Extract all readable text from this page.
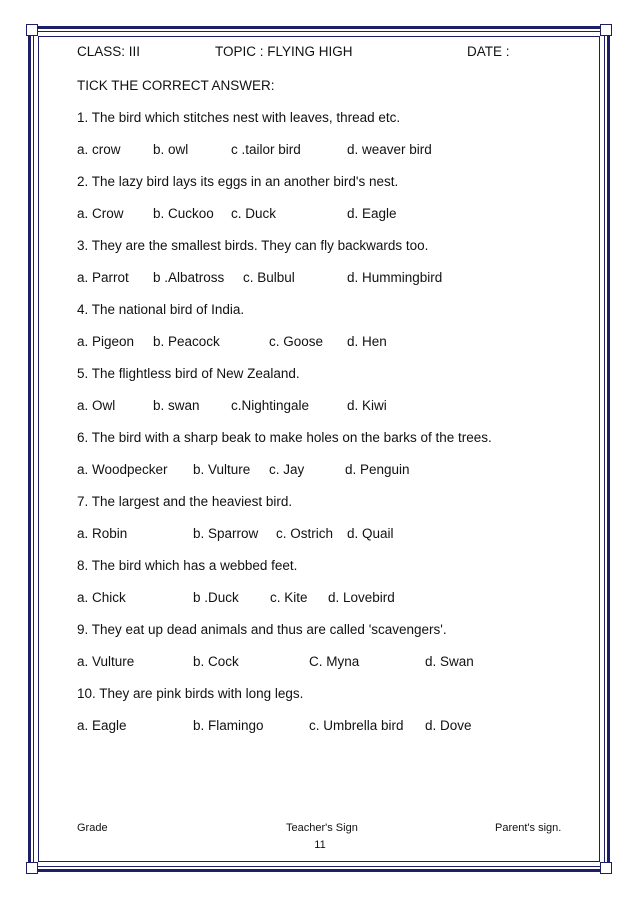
CLASS: III	TOPIC : FLYING HIGH	DATE :
TICK THE CORRECT ANSWER:
1. The bird which stitches nest with leaves, thread etc.
a. crow b. owl	c .tailor bird	d. weaver bird
2. The lazy bird lays its eggs in an another bird's nest.
a. Crow b. Cuckoo c. Duck	d. Eagle
3. They are the smallest birds. They can fly backwards too.
a. Parrot b .Albatross c. Bulbul	d. Hummingbird
4. The national bird of India.
a. Pigeon b. Peacock	c. Goose d. Hen
5. The flightless bird of New Zealand.
a. Owl	b. swan c.Nightingale	d. Kiwi
6. The bird with a sharp beak to make holes on the barks of the trees.
a. Woodpecker b. Vulture c. Jay	d. Penguin
7. The largest and the heaviest bird.
a. Robin	b. Sparrow c. Ostrich d. Quail
8. The bird which has a webbed feet.
a. Chick	b .Duck c. Kite d. Lovebird
9. They eat up dead animals and thus are called 'scavengers'.
a. Vulture	b. Cock	C. Myna	d. Swan
10. They are pink birds with long legs.
a. Eagle	b. Flamingo	c. Umbrella bird d. Dove
Grade	Teacher's Sign	Parent's sign.
11
